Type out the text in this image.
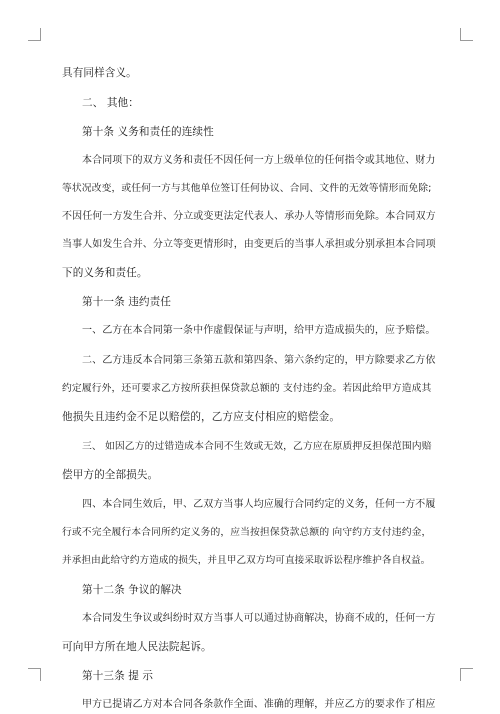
具有同样含义。
二、 其他：
第十条 义务和责任的连续性
本合同项下的双方义务和责任不因任何一方上级单位的任何指令或其地位、财力
等状况改变，或任何一方与其他单位签订任何协议、合同、文件的无效等情形而免除;
不因任何一方发生合并、分立或变更法定代表人、承办人等情形而免除。本合同双方
当事人如发生合并、分立等变更情形时，由变更后的当事人承担或分别承担本合同项
下的义务和责任。
第十一条 违约责任
一、乙方在本合同第一条中作虚假保证与声明，给甲方造成损失的，应予赔偿。
二、乙方违反本合同第三条第五款和第四条、第六条约定的，甲方除要求乙方依
约定履行外，还可要求乙方按所获担保贷款总额的 支付违约金。若因此给甲方造成其
他损失且违约金不足以赔偿的，乙方应支付相应的赔偿金。
三、 如因乙方的过错造成本合同不生效或无效，乙方应在原质押反担保范围内赔
偿甲方的全部损失。
四、本合同生效后，甲、乙双方当事人均应履行合同约定的义务，任何一方不履
行或不完全履行本合同所约定义务的，应当按担保贷款总额的 向守约方支付违约金，
并承担由此给守约方造成的损失，并且甲乙双方均可直接采取诉讼程序维护各自权益。
第十二条 争议的解决
本合同发生争议或纠纷时双方当事人可以通过协商解决，协商不成的，任何一方
可向甲方所在地人民法院起诉。
第十三条 提 示
甲方已提请乙方对本合同各条款作全面、准确的理解，并应乙方的要求作了相应
